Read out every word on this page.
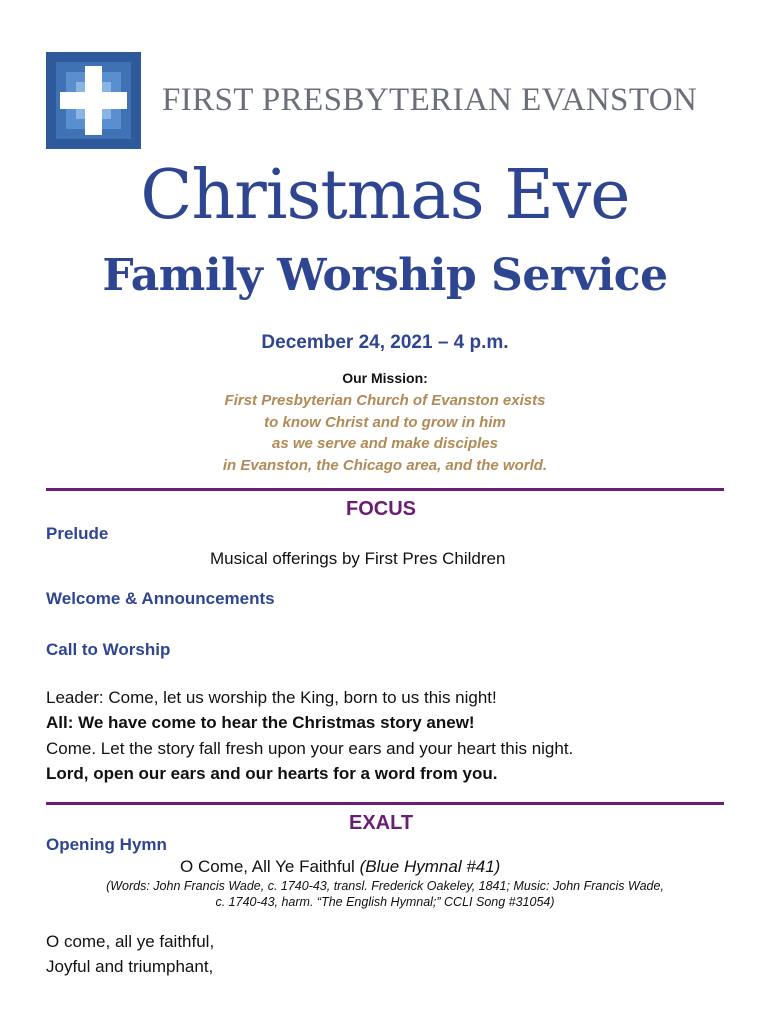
FIRST PRESBYTERIAN EVANSTON
Christmas Eve
Family Worship Service
December 24, 2021 – 4 p.m.
Our Mission:
First Presbyterian Church of Evanston exists
to know Christ and to grow in him
as we serve and make disciples
in Evanston, the Chicago area, and the world.
FOCUS
Prelude
Musical offerings by First Pres Children
Welcome & Announcements
Call to Worship
Leader: Come, let us worship the King, born to us this night!
All: We have come to hear the Christmas story anew!
Come. Let the story fall fresh upon your ears and your heart this night.
Lord, open our ears and our hearts for a word from you.
EXALT
Opening Hymn
O Come, All Ye Faithful (Blue Hymnal #41)
(Words: John Francis Wade, c. 1740-43, transl. Frederick Oakeley, 1841; Music: John Francis Wade,
c. 1740-43, harm. “The English Hymnal;” CCLI Song #31054)
O come, all ye faithful,
Joyful and triumphant,
